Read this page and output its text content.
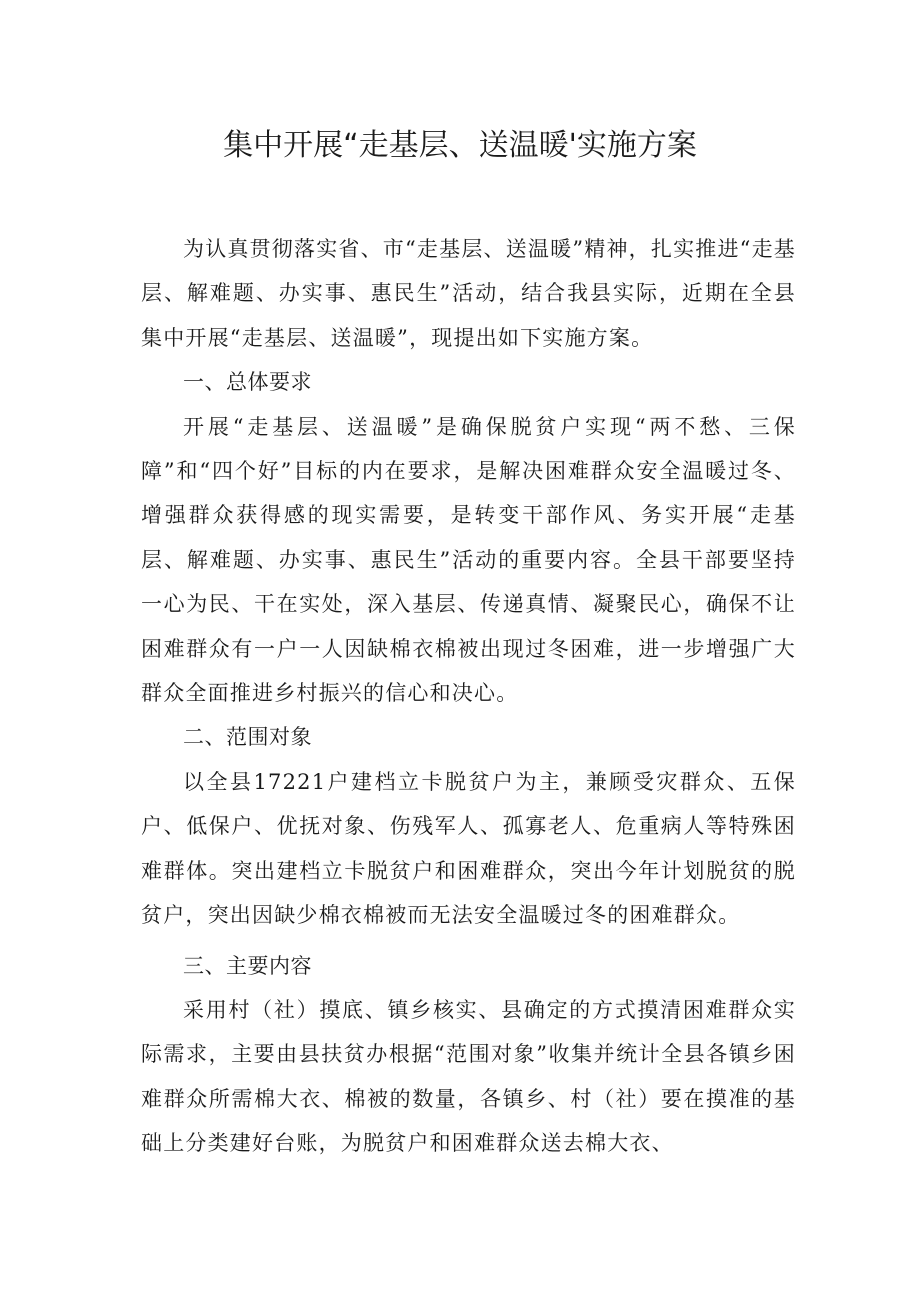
集中开展“走基层、送温暖'实施方案

为认真贯彻落实省、市“走基层、送温暖”精神，扎实推进“走基层、解难题、办实事、惠民生”活动，结合我县实际，近期在全县集中开展“走基层、送温暖”，现提出如下实施方案。

一、总体要求

开展“走基层、送温暖”是确保脱贫户实现“两不愁、三保障”和“四个好”目标的内在要求，是解决困难群众安全温暖过冬、增强群众获得感的现实需要，是转变干部作风、务实开展“走基层、解难题、办实事、惠民生”活动的重要内容。全县干部要坚持一心为民、干在实处，深入基层、传递真情、凝聚民心，确保不让困难群众有一户一人因缺棉衣棉被出现过冬困难，进一步增强广大群众全面推进乡村振兴的信心和决心。

二、范围对象

以全县17221户建档立卡脱贫户为主，兼顾受灾群众、五保户、低保户、优抚对象、伤残军人、孤寡老人、危重病人等特殊困难群体。突出建档立卡脱贫户和困难群众，突出今年计划脱贫的脱贫户，突出因缺少棉衣棉被而无法安全温暖过冬的困难群众。

三、主要内容

采用村（社）摸底、镇乡核实、县确定的方式摸清困难群众实际需求，主要由县扶贫办根据“范围对象”收集并统计全县各镇乡困难群众所需棉大衣、棉被的数量，各镇乡、村（社）要在摸准的基础上分类建好台账，为脱贫户和困难群众送去棉大衣、
